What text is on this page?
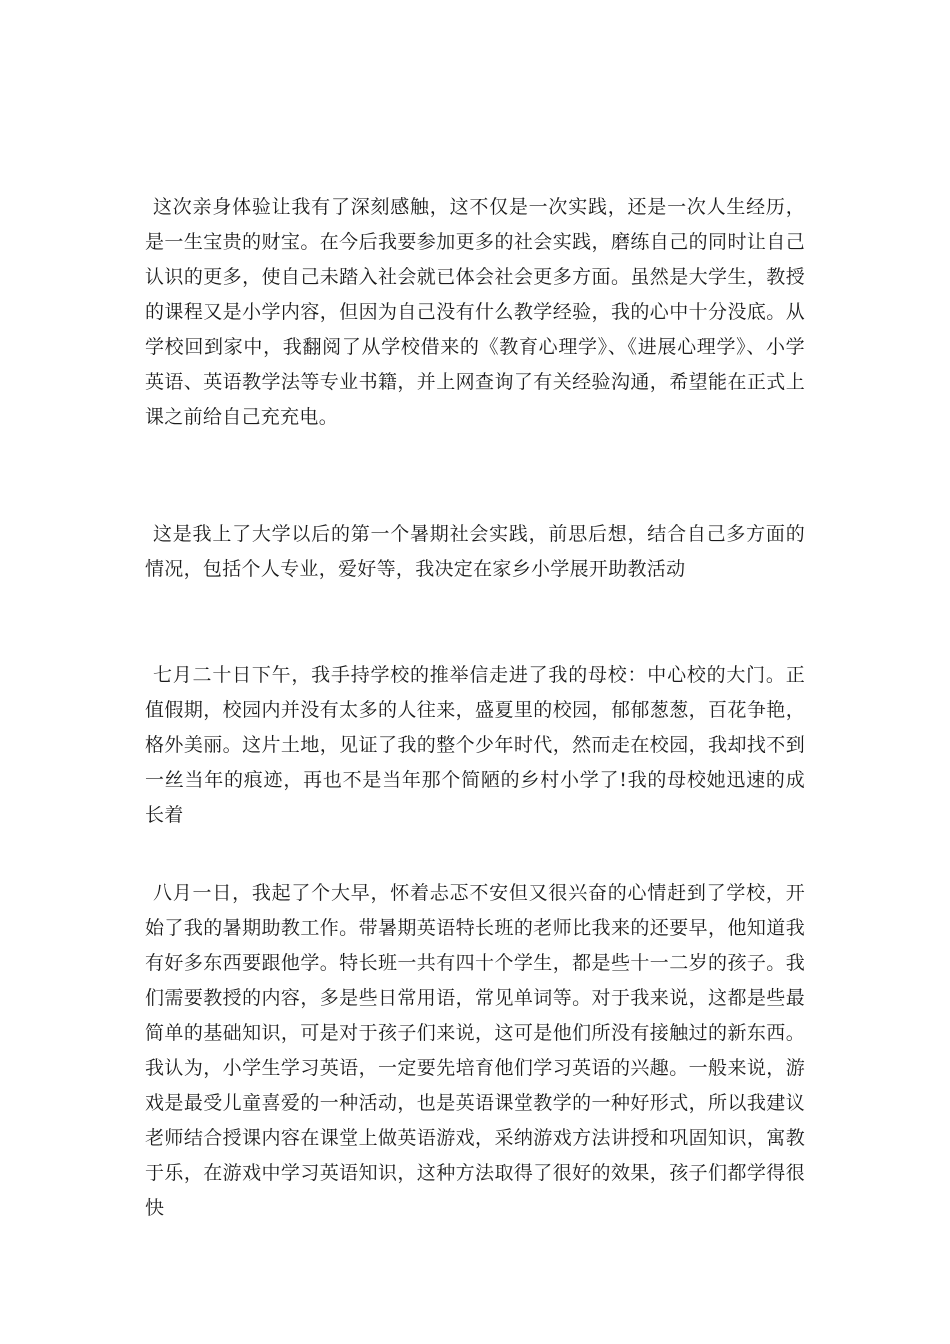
这次亲身体验让我有了深刻感触，这不仅是一次实践，还是一次人生经历，是一生宝贵的财宝。在今后我要参加更多的社会实践，磨练自己的同时让自己认识的更多，使自己未踏入社会就已体会社会更多方面。虽然是大学生，教授的课程又是小学内容，但因为自己没有什么教学经验，我的心中十分没底。从学校回到家中，我翻阅了从学校借来的《教育心理学》、《进展心理学》、小学英语、英语教学法等专业书籍，并上网查询了有关经验沟通，希望能在正式上课之前给自己充充电。

这是我上了大学以后的第一个暑期社会实践，前思后想，结合自己多方面的情况，包括个人专业，爱好等，我决定在家乡小学展开助教活动

七月二十日下午，我手持学校的推举信走进了我的母校：中心校的大门。正值假期，校园内并没有太多的人往来，盛夏里的校园，郁郁葱葱，百花争艳，格外美丽。这片土地，见证了我的整个少年时代，然而走在校园，我却找不到一丝当年的痕迹，再也不是当年那个简陋的乡村小学了!我的母校她迅速的成长着

八月一日，我起了个大早，怀着忐忑不安但又很兴奋的心情赶到了学校，开始了我的暑期助教工作。带暑期英语特长班的老师比我来的还要早，他知道我有好多东西要跟他学。特长班一共有四十个学生，都是些十一二岁的孩子。我们需要教授的内容，多是些日常用语，常见单词等。对于我来说，这都是些最简单的基础知识，可是对于孩子们来说，这可是他们所没有接触过的新东西。我认为，小学生学习英语，一定要先培育他们学习英语的兴趣。一般来说，游戏是最受儿童喜爱的一种活动，也是英语课堂教学的一种好形式，所以我建议老师结合授课内容在课堂上做英语游戏，采纳游戏方法讲授和巩固知识，寓教于乐，在游戏中学习英语知识，这种方法取得了很好的效果，孩子们都学得很快
